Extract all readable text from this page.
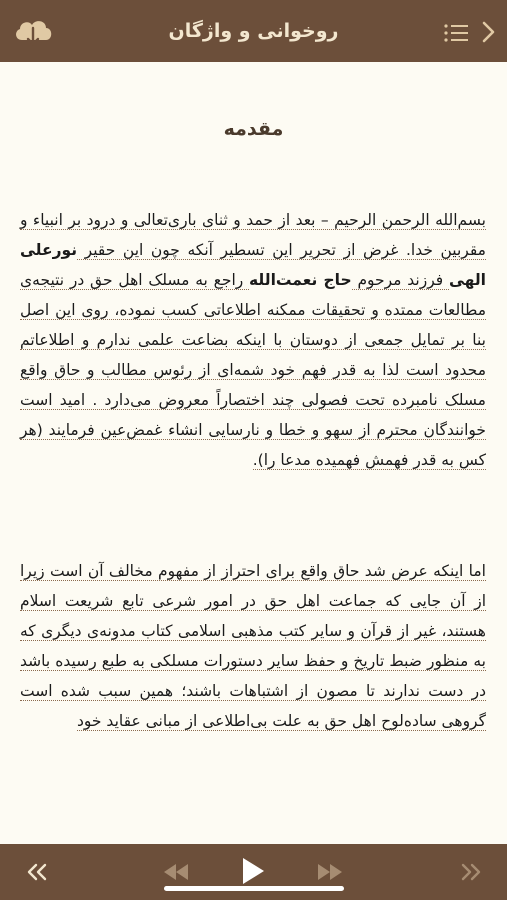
روخوانی و واژگان
مقدمه
بسم‌الله الرحمن الرحیم – بعد از حمد و ثنای باری‌تعالی و درود بر انبیاء و مقربین خدا. غرض از تحریر این تسطیر آنکه چون این حقیر نورعلی الهی فرزند مرحوم حاج نعمت‌الله راجع به مسلک اهل حق در نتیجه‌ی مطالعات ممتده و تحقیقات ممکنه اطلاعاتی کسب نموده، روی این اصل بنا بر تمایل جمعی از دوستان با اینکه بضاعت علمی ندارم و اطلاعاتم محدود است لذا به قدر فهم خود شمه‌ای از رئوس مطالب و حاق واقع مسلک نامبرده تحت فصولی چند اختصاراً معروض می‌دارد . امید است خوانندگان محترم از سهو و خطا و نارسایی انشاء غمض‌عین فرمایند (هر کس به قدر فهمش فهمیده مدعا را).
اما اینکه عرض شد حاق واقع برای احتراز از مفهوم مخالف آن است زیرا از آن جایی که جماعت اهل حق در امور شرعی تابع شریعت اسلام هستند، غیر از قرآن و سایر کتب مذهبی اسلامی کتاب مدونه‌ی دیگری که به منظور ضبط تاریخ و حفظ سایر دستورات مسلکی به طبع رسیده باشد در دست ندارند تا مصون از اشتباهات باشند؛ همین سبب شده است گروهی ساده‌لوح اهل حق به علت بی‌اطلاعی از مبانی عقاید خود
